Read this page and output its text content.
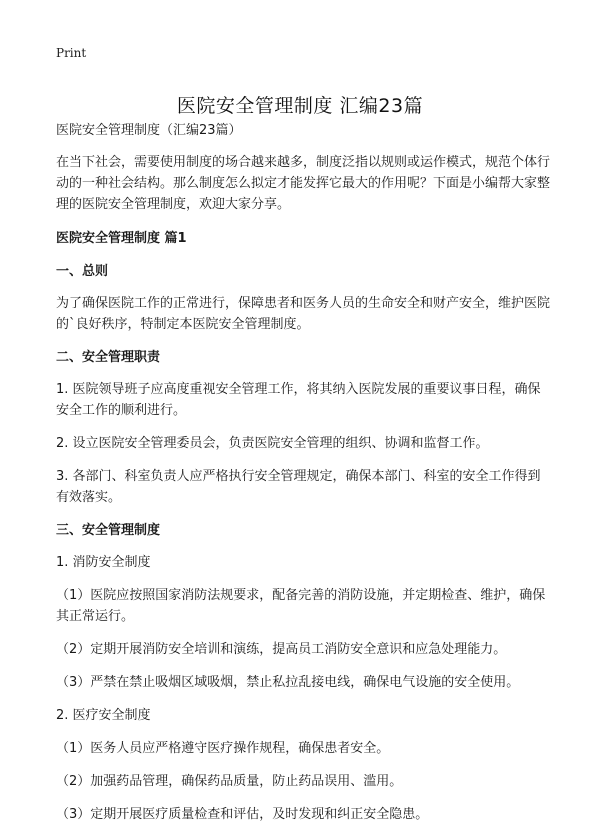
Print
医院安全管理制度 汇编23篇

医院安全管理制度（汇编23篇）

在当下社会，需要使用制度的场合越来越多，制度泛指以规则或运作模式，规范个体行动的一种社会结构。那么制度怎么拟定才能发挥它最大的作用呢？下面是小编帮大家整理的医院安全管理制度，欢迎大家分享。

医院安全管理制度 篇1
一、总则

为了确保医院工作的正常进行，保障患者和医务人员的生命安全和财产安全，维护医院的`良好秩序，特制定本医院安全管理制度。

二、安全管理职责

1. 医院领导班子应高度重视安全管理工作，将其纳入医院发展的重要议事日程，确保安全工作的顺利进行。

2. 设立医院安全管理委员会，负责医院安全管理的组织、协调和监督工作。

3. 各部门、科室负责人应严格执行安全管理规定，确保本部门、科室的安全工作得到有效落实。

三、安全管理制度

1. 消防安全制度

（1）医院应按照国家消防法规要求，配备完善的消防设施，并定期检查、维护，确保其正常运行。

（2）定期开展消防安全培训和演练，提高员工消防安全意识和应急处理能力。

（3）严禁在禁止吸烟区域吸烟，禁止私拉乱接电线，确保电气设施的安全使用。

2. 医疗安全制度

（1）医务人员应严格遵守医疗操作规程，确保患者安全。

（2）加强药品管理，确保药品质量，防止药品误用、滥用。

（3）定期开展医疗质量检查和评估，及时发现和纠正安全隐患。
